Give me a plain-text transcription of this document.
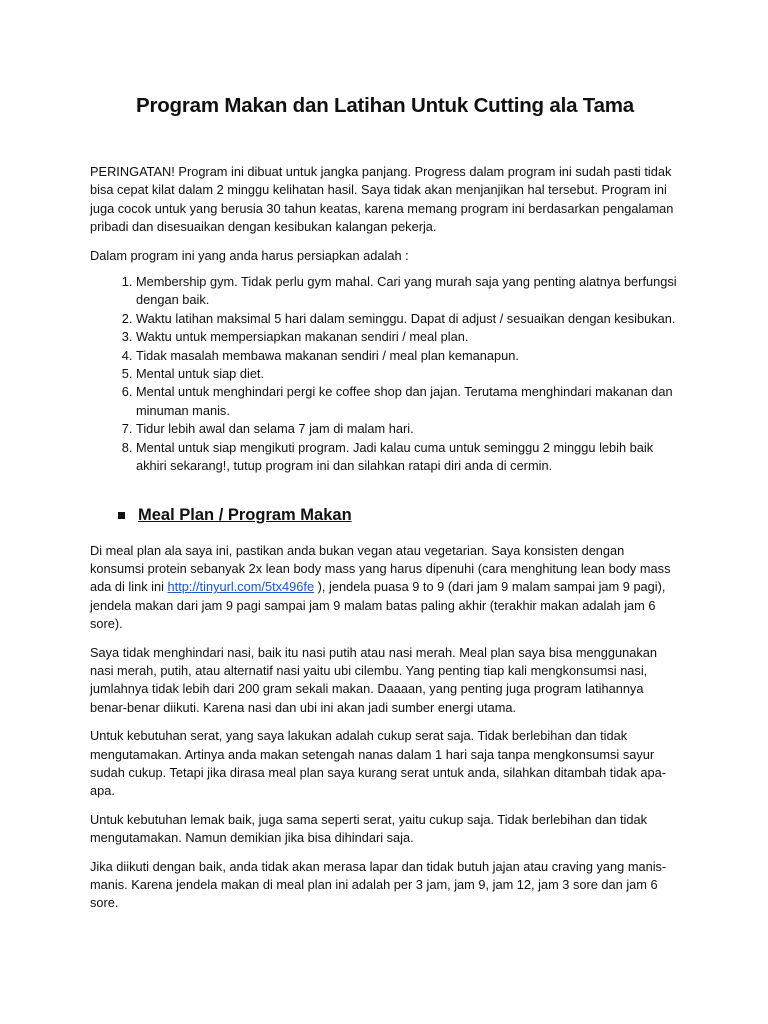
Program Makan dan Latihan Untuk Cutting ala Tama

PERINGATAN! Program ini dibuat untuk jangka panjang. Progress dalam program ini sudah pasti tidak bisa cepat kilat dalam 2 minggu kelihatan hasil. Saya tidak akan menjanjikan hal tersebut. Program ini juga cocok untuk yang berusia 30 tahun keatas, karena memang program ini berdasarkan pengalaman pribadi dan disesuaikan dengan kesibukan kalangan pekerja.

Dalam program ini yang anda harus persiapkan adalah :

1. Membership gym. Tidak perlu gym mahal. Cari yang murah saja yang penting alatnya berfungsi dengan baik.
2. Waktu latihan maksimal 5 hari dalam seminggu. Dapat di adjust / sesuaikan dengan kesibukan.
3. Waktu untuk mempersiapkan makanan sendiri / meal plan.
4. Tidak masalah membawa makanan sendiri / meal plan kemanapun.
5. Mental untuk siap diet.
6. Mental untuk menghindari pergi ke coffee shop dan jajan. Terutama menghindari makanan dan minuman manis.
7. Tidur lebih awal dan selama 7 jam di malam hari.
8. Mental untuk siap mengikuti program. Jadi kalau cuma untuk seminggu 2 minggu lebih baik akhiri sekarang!, tutup program ini dan silahkan ratapi diri anda di cermin.
Meal Plan / Program Makan

Di meal plan ala saya ini, pastikan anda bukan vegan atau vegetarian. Saya konsisten dengan konsumsi protein sebanyak 2x lean body mass yang harus dipenuhi (cara menghitung lean body mass ada di link ini http://tinyurl.com/5tx496fe ), jendela puasa 9 to 9 (dari jam 9 malam sampai jam 9 pagi), jendela makan dari jam 9 pagi sampai jam 9 malam batas paling akhir (terakhir makan adalah jam 6 sore).

Saya tidak menghindari nasi, baik itu nasi putih atau nasi merah. Meal plan saya bisa menggunakan nasi merah, putih, atau alternatif nasi yaitu ubi cilembu. Yang penting tiap kali mengkonsumsi nasi, jumlahnya tidak lebih dari 200 gram sekali makan. Daaaan, yang penting juga program latihannya benar-benar diikuti. Karena nasi dan ubi ini akan jadi sumber energi utama.

Untuk kebutuhan serat, yang saya lakukan adalah cukup serat saja. Tidak berlebihan dan tidak mengutamakan. Artinya anda makan setengah nanas dalam 1 hari saja tanpa mengkonsumsi sayur sudah cukup. Tetapi jika dirasa meal plan saya kurang serat untuk anda, silahkan ditambah tidak apa-apa.

Untuk kebutuhan lemak baik, juga sama seperti serat, yaitu cukup saja. Tidak berlebihan dan tidak mengutamakan. Namun demikian jika bisa dihindari saja.

Jika diikuti dengan baik, anda tidak akan merasa lapar dan tidak butuh jajan atau craving yang manis-manis. Karena jendela makan di meal plan ini adalah per 3 jam, jam 9, jam 12, jam 3 sore dan jam 6 sore.
